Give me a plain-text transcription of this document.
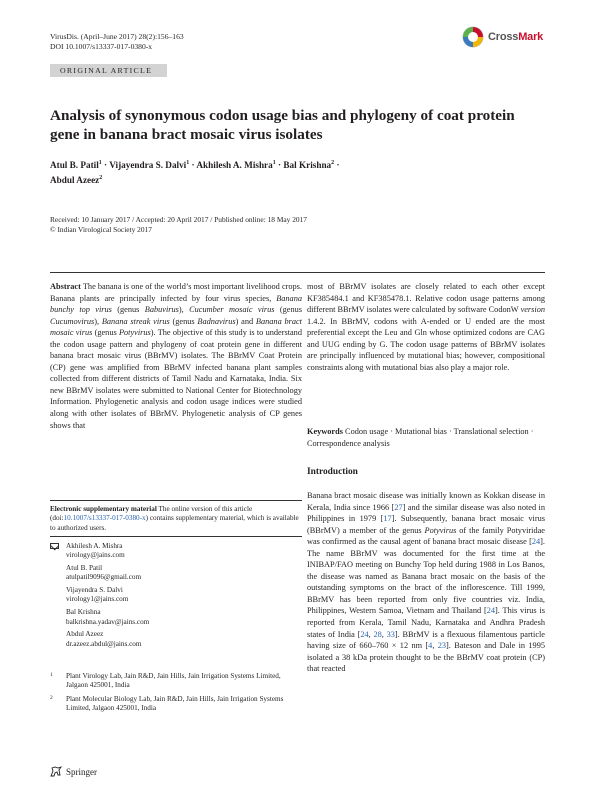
VirusDis. (April–June 2017) 28(2):156–163
DOI 10.1007/s13337-017-0380-x
CrossMark
ORIGINAL ARTICLE
Analysis of synonymous codon usage bias and phylogeny of coat protein gene in banana bract mosaic virus isolates
Atul B. Patil$^1$ · Vijayendra S. Dalvi$^1$ · Akhilesh A. Mishra$^1$ · Bal Krishna$^2$ ·
Abdul Azeez$^2$
Received: 10 January 2017 / Accepted: 20 April 2017 / Published online: 18 May 2017
© Indian Virological Society 2017

Abstract The banana is one of the world’s most important livelihood crops. Banana plants are principally infected by four virus species, Banana bunchy top virus (genus Babuvirus), Cucumber mosaic virus (genus Cucumovirus), Banana streak virus (genus Badnavirus) and Banana bract mosaic virus (genus Potyvirus). The objective of this study is to understand the codon usage pattern and phylogeny of coat protein gene in different banana bract mosaic virus (BBrMV) isolates. The BBrMV Coat Protein (CP) gene was amplified from BBrMV infected banana plant samples collected from different districts of Tamil Nadu and Karnataka, India. Six new BBrMV isolates were submitted to National Center for Biotechnology Information. Phylogenetic analysis and codon usage indices were studied along with other isolates of BBrMV. Phylogenetic analysis of CP genes shows that

most of BBrMV isolates are closely related to each other except KF385484.1 and KF385478.1. Relative codon usage patterns among different BBrMV isolates were calculated by software CodonW version 1.4.2. In BBrMV, codons with A-ended or U ended are the most preferential except the Leu and Gln whose optimized codons are CAG and UUG ending by G. The codon usage patterns of BBrMV isolates are principally influenced by mutational bias; however, compositional constraints along with mutational bias also play a major role.

Keywords Codon usage · Mutational bias · Translational selection · Correspondence analysis
Introduction

Banana bract mosaic disease was initially known as Kokkan disease in Kerala, India since 1966 [27] and the similar disease was also noted in Philippines in 1979 [17]. Subsequently, banana bract mosaic virus (BBrMV) a member of the genus Potyvirus of the family Potyviridae was confirmed as the causal agent of banana bract mosaic disease [24]. The name BBrMV was documented for the first time at the INIBAP/FAO meeting on Bunchy Top held during 1988 in Los Banos, the disease was named as Banana bract mosaic on the basis of the outstanding symptoms on the bract of the inflorescence. Till 1999, BBrMV has been reported from only five countries viz. India, Philippines, Western Samoa, Vietnam and Thailand [24]. This virus is reported from Kerala, Tamil Nadu, Karnataka and Andhra Pradesh states of India [24, 28, 33]. BBrMV is a flexuous filamentous particle having size of 660–760 × 12 nm [4, 23]. Bateson and Dale in 1995 isolated a 38 kDa protein thought to be the BBrMV coat protein (CP) that reacted

Electronic supplementary material The online version of this article (doi:10.1007/s13337-017-0380-x) contains supplementary material, which is available to authorized users.
Akhilesh A. Mishra
virology@jains.com
Atul B. Patil
atulpatil9096@gmail.com
Vijayendra S. Dalvi
virology1@jains.com
Bal Krishna
balkrishna.yadav@jains.com
Abdul Azeez
dr.azeez.abdul@jains.com
1 Plant Virology Lab, Jain R&D, Jain Hills, Jain Irrigation Systems Limited, Jalgaon 425001, India
2 Plant Molecular Biology Lab, Jain R&D, Jain Hills, Jain Irrigation Systems Limited, Jalgaon 425001, India
Springer
